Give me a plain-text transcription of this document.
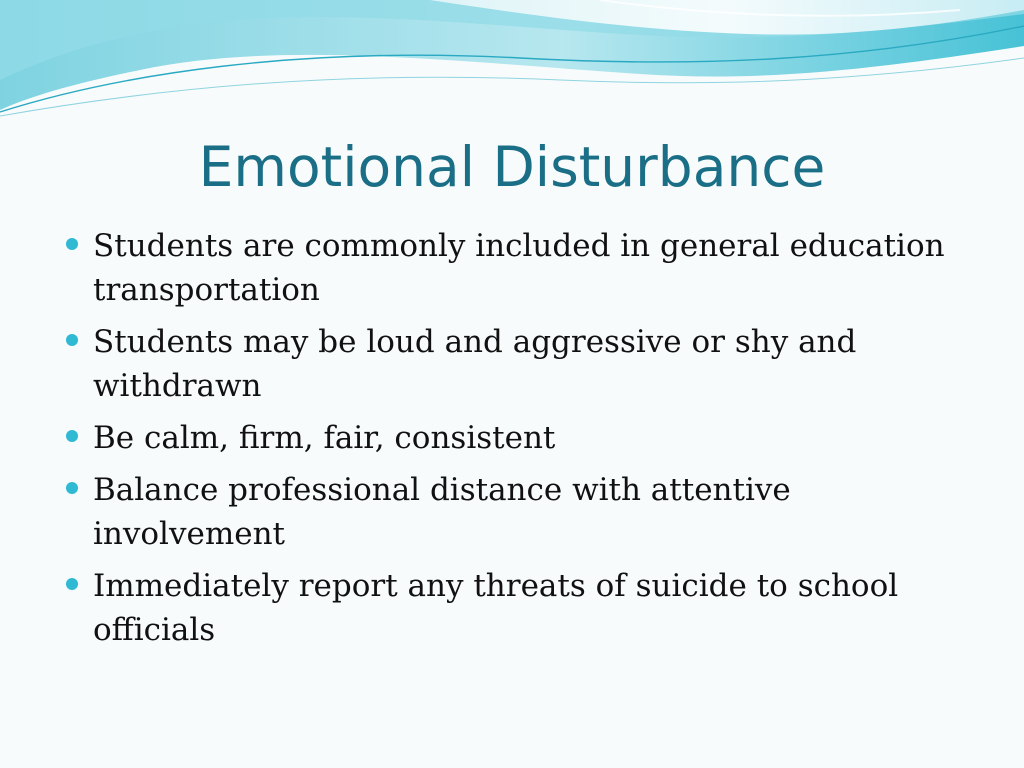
Emotional Disturbance
Students are commonly included in general education transportation
Students may be loud and aggressive or shy and withdrawn
Be calm, firm, fair, consistent
Balance professional distance with attentive involvement
Immediately report any threats of suicide to school officials
